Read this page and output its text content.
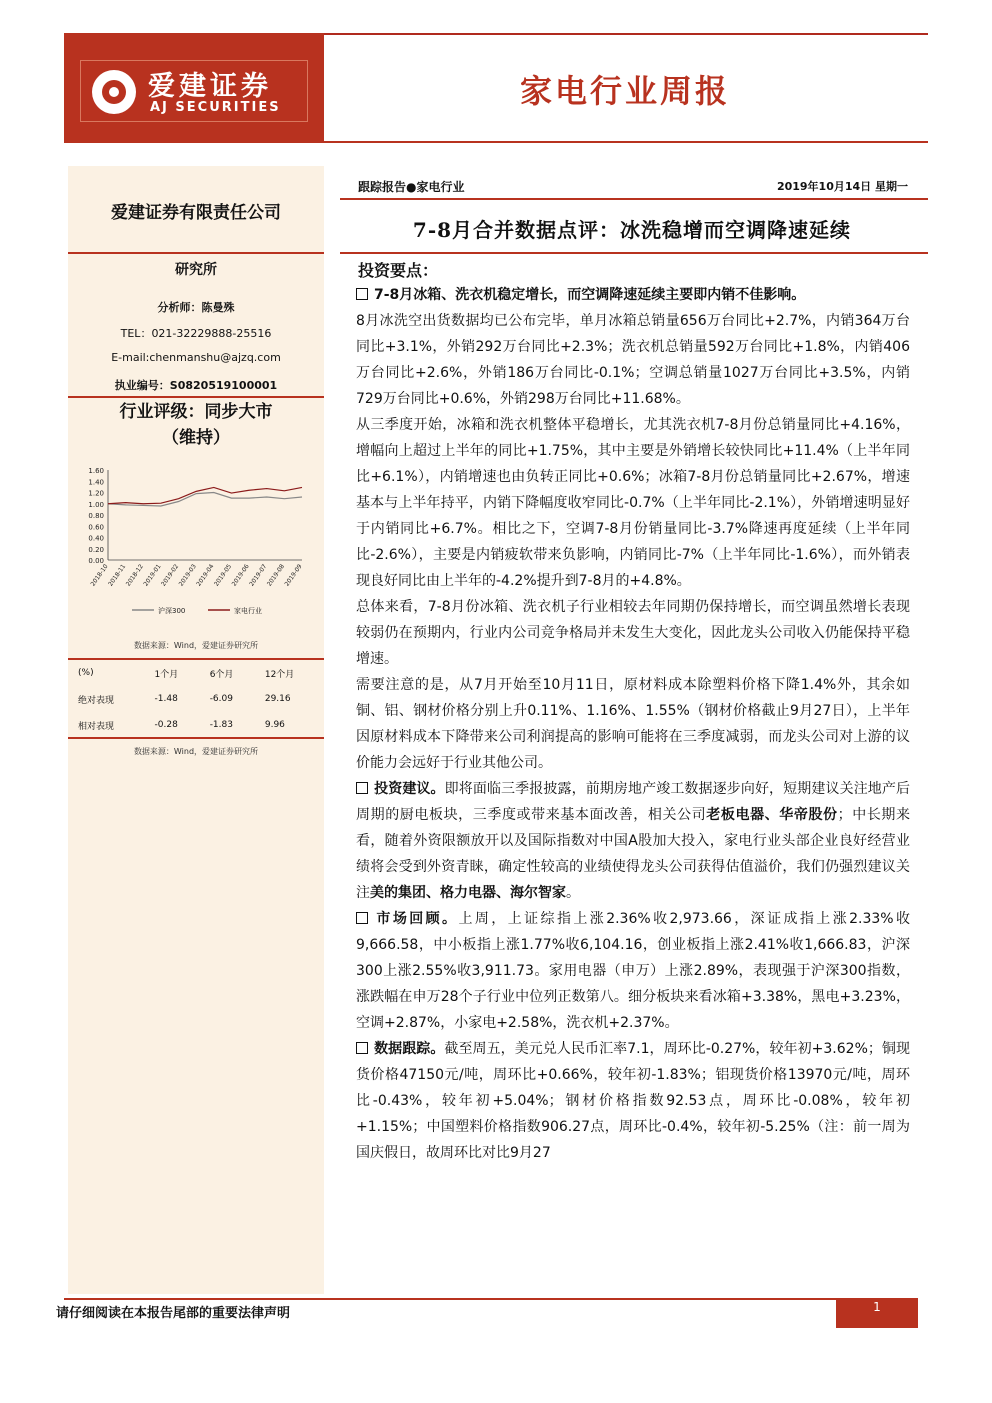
爱建证券
AJ SECURITIES	家电行业周报
爱建证券有限责任公司
研究所
分析师：陈曼殊
TEL：021-32229888-25516
E-mail:chenmanshu@ajzq.com
执业编号：S0820519100001
行业评级：同步大市
（维持）
1.60
1.40
1.20
1.00
0.80
0.60
0.40
0.20
0.00
2018-10
2018-11
2018-12
2019-01
2019-02
2019-03
2019-04
2019-05
2019-06
2019-07
2019-08
2019-09
沪深300	家电行业
数据来源：Wind，爱建证券研究所
(%)	1个月	6个月	12个月
绝对表现	-1.48	-6.09	29.16
相对表现	-0.28	-1.83	9.96
数据来源：Wind，爱建证券研究所
跟踪报告●家电行业	2019年10月14日 星期一
7-8月合并数据点评：冰洗稳增而空调降速延续
投资要点：

7-8月冰箱、洗衣机稳定增长，而空调降速延续主要即内销不佳影响。

8月冰洗空出货数据均已公布完毕，单月冰箱总销量656万台同比+2.7%，内销364万台同比+3.1%，外销292万台同比+2.3%；洗衣机总销量592万台同比+1.8%，内销406万台同比+2.6%，外销186万台同比-0.1%；空调总销量1027万台同比+3.5%，内销729万台同比+0.6%，外销298万台同比+11.68%。

从三季度开始，冰箱和洗衣机整体平稳增长，尤其洗衣机7-8月份总销量同比+4.16%，增幅向上超过上半年的同比+1.75%，其中主要是外销增长较快同比+11.4%（上半年同比+6.1%），内销增速也由负转正同比+0.6%；冰箱7-8月份总销量同比+2.67%，增速基本与上半年持平，内销下降幅度收窄同比-0.7%（上半年同比-2.1%），外销增速明显好于内销同比+6.7%。相比之下，空调7-8月份销量同比-3.7%降速再度延续（上半年同比-2.6%），主要是内销疲软带来负影响，内销同比-7%（上半年同比-1.6%），而外销表现良好同比由上半年的-4.2%提升到7-8月的+4.8%。

总体来看，7-8月份冰箱、洗衣机子行业相较去年同期仍保持增长，而空调虽然增长表现较弱仍在预期内，行业内公司竞争格局并未发生大变化，因此龙头公司收入仍能保持平稳增速。

需要注意的是，从7月开始至10月11日，原材料成本除塑料价格下降1.4%外，其余如铜、铝、钢材价格分别上升0.11%、1.16%、1.55%（钢材价格截止9月27日），上半年因原材料成本下降带来公司利润提高的影响可能将在三季度减弱，而龙头公司对上游的议价能力会远好于行业其他公司。

投资建议。即将面临三季报披露，前期房地产竣工数据逐步向好，短期建议关注地产后周期的厨电板块，三季度或带来基本面改善，相关公司老板电器、华帝股份；中长期来看，随着外资限额放开以及国际指数对中国A股加大投入，家电行业头部企业良好经营业绩将会受到外资青睐，确定性较高的业绩使得龙头公司获得估值溢价，我们仍强烈建议关注美的集团、格力电器、海尔智家。

市场回顾。上周，上证综指上涨2.36%收2,973.66，深证成指上涨2.33%收9,666.58，中小板指上涨1.77%收6,104.16，创业板指上涨2.41%收1,666.83，沪深300上涨2.55%收3,911.73。家用电器（申万）上涨2.89%，表现强于沪深300指数，涨跌幅在申万28个子行业中位列正数第八。细分板块来看冰箱+3.38%，黑电+3.23%，空调+2.87%，小家电+2.58%，洗衣机+2.37%。

数据跟踪。截至周五，美元兑人民币汇率7.1，周环比-0.27%，较年初+3.62%；铜现货价格47150元/吨，周环比+0.66%，较年初-1.83%；铝现货价格13970元/吨，周环比-0.43%，较年初+5.04%；钢材价格指数92.53点，周环比-0.08%，较年初+1.15%；中国塑料价格指数906.27点，周环比-0.4%，较年初-5.25%（注：前一周为国庆假日，故周环比对比9月27

请仔细阅读在本报告尾部的重要法律声明	1
